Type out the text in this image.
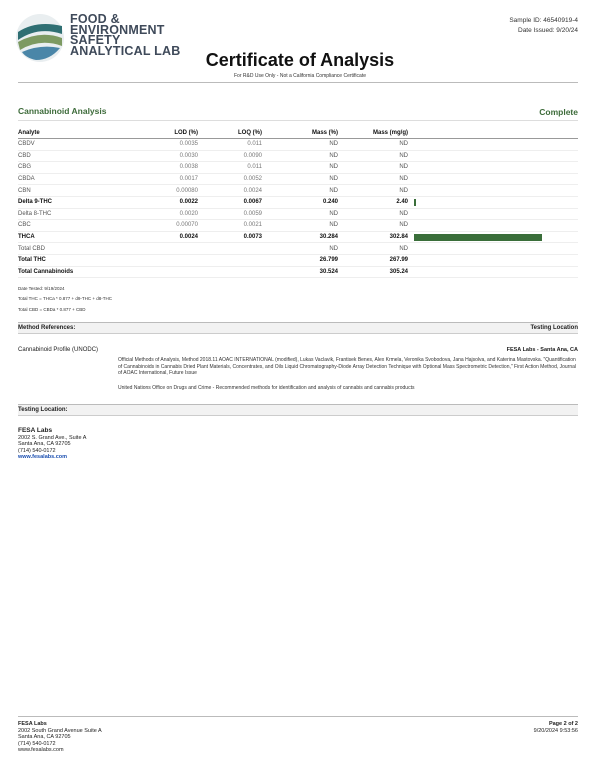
FOOD &
ENVIRONMENT
SAFETY
ANALYTICAL LAB	Certificate of Analysis
For R&D Use Only - Not a California Compliance Certificate
Sample ID: 46540919-4
Date Issued: 9/20/24
Cannabinoid Analysis	Complete
Analyte	LOD (%)	LOQ (%)	Mass (%)	Mass (mg/g)	
CBDV	0.0035	0.011	ND	ND	
CBD	0.0030	0.0090	ND	ND	
CBG	0.0038	0.011	ND	ND	
CBDA	0.0017	0.0052	ND	ND	
CBN	0.00080	0.0024	ND	ND	
Delta 9-THC	0.0022	0.0067	0.240	2.40	

Delta 8-THC	0.0020	0.0059	ND	ND	
CBC	0.00070	0.0021	ND	ND	
THCA	0.0024	0.0073	30.284	302.84	

Total CBD			ND	ND	
Total THC			26.799	267.99	
Total Cannabinoids			30.524	305.24	
Date Tested: 9/19/2024
Total THC = THCa * 0.877 + d9-THC + d8-THC
Total CBD = CBDa * 0.877 + CBD
Method References:	Testing Location
Cannabinoid Profile (UNODC)	FESA Labs - Santa Ana, CA
Official Methods of Analysis, Method 2018.11 AOAC INTERNATIONAL (modified), Lukas Vaclavik, Frantisek Benes, Alex Krmela, Veronika Svobodova, Jana Hajsolva, and Katerina Mastovska. "Quantification of Cannabinoids in Cannabis Dried Plant Materials, Concentrates, and Oils Liquid Chromatography-Diode Array Detection Technique with Optional Mass Spectrometric Detection," First Action Method, Journal of AOAC International, Future Issue
United Nations Office on Drugs and Crime - Recommended methods for identification and analysis of cannabis and cannabis products
Testing Location:
FESA Labs
2002 S. Grand Ave., Suite A
Santa Ana, CA 92705
(714) 540-0172
www.fesalabs.com
FESA Labs
2002 South Grand Avenue Suite A
Santa Ana, CA 92705
(714) 540-0172
www.fesalabs.com
Page 2 of 2
9/20/2024 9:53:56
